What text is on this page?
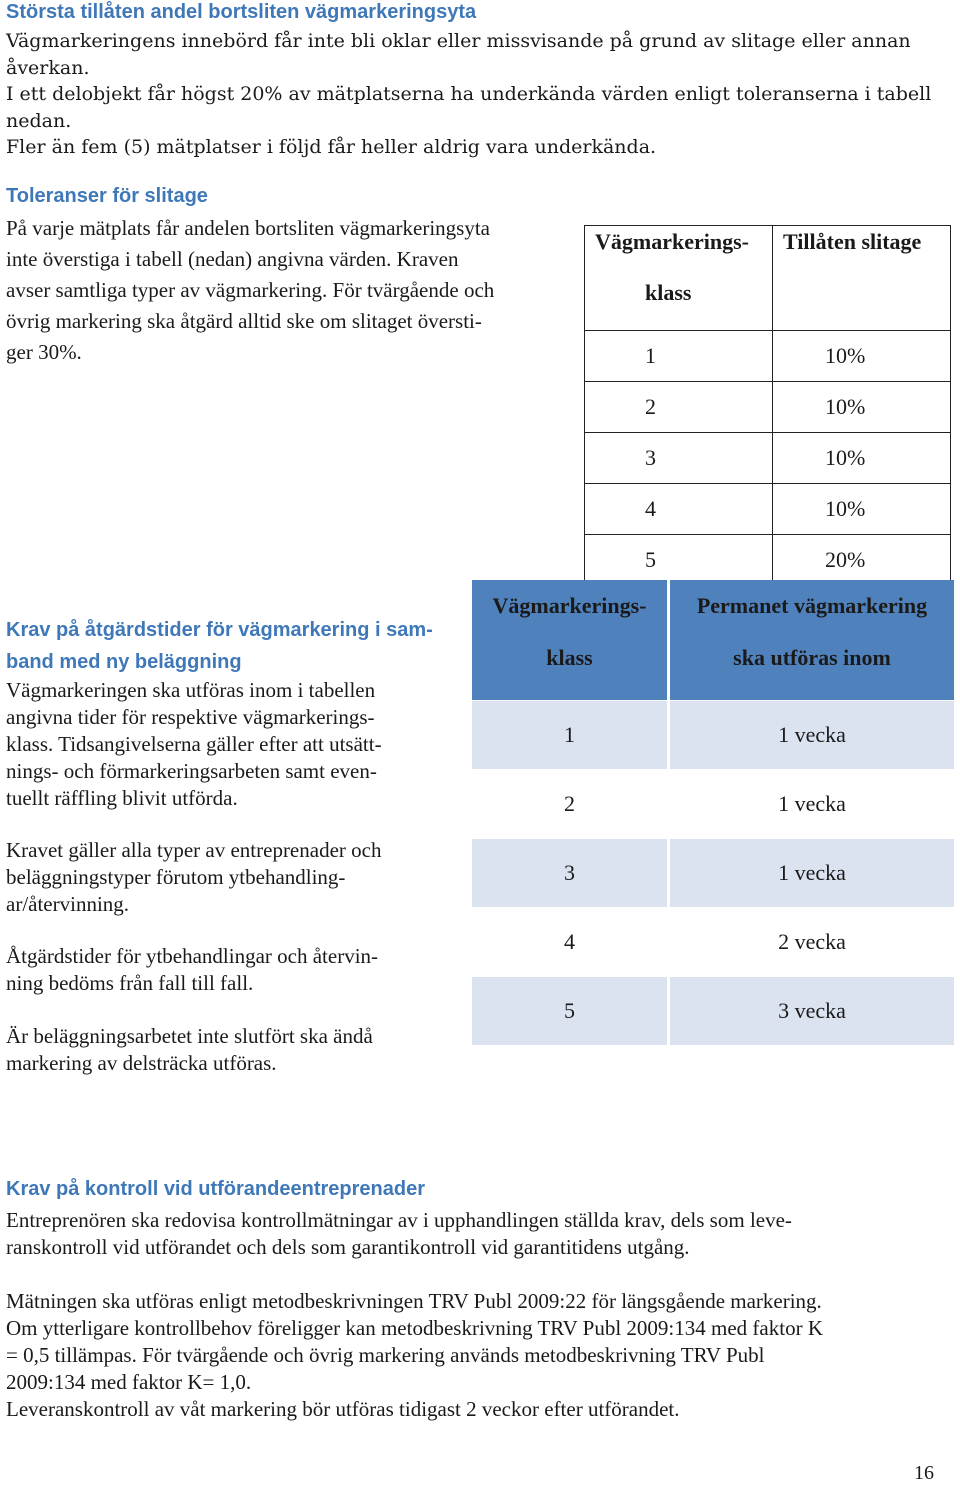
Största tillåten andel bortsliten vägmarkeringsyta
Vägmarkeringens innebörd får inte bli oklar eller missvisande på grund av slitage eller annan
åverkan.
I ett delobjekt får högst 20% av mätplatserna ha underkända värden enligt toleranserna i tabell
nedan.
Fler än fem (5) mätplatser i följd får heller aldrig vara underkända.
Toleranser för slitage
På varje mätplats får andelen bortsliten vägmarkeringsyta
inte överstiga i tabell (nedan) angivna värden. Kraven
avser samtliga typer av vägmarkering. För tvärgående och
övrig markering ska åtgärd alltid ske om slitaget översti-
ger 30%.
Vägmarkerings-
klass	Tillåten slitage

1	10%
2	10%
3	10%
4	10%
5	20%
Krav på åtgärdstider för vägmarkering i sam-
band med ny beläggning
Vägmarkeringen ska utföras inom i tabellen
angivna tider för respektive vägmarkerings-
klass. Tidsangivelserna gäller efter att utsätt-
nings- och förmarkeringsarbeten samt even-
tuellt räffling blivit utförda.
Kravet gäller alla typer av entreprenader och
beläggningstyper förutom ytbehandling-
ar/återvinning.
Åtgärdstider för ytbehandlingar och återvin-
ning bedöms från fall till fall.
Är beläggningsarbetet inte slutfört ska ändå
markering av delsträcka utföras.
Vägmarkerings-
klass	Permanet vägmarkering
ska utföras inom

1	1 vecka
2	1 vecka
3	1 vecka
4	2 vecka
5	3 vecka
Krav på kontroll vid utförandeentreprenader
Entreprenören ska redovisa kontrollmätningar av i upphandlingen ställda krav, dels som leve-
ranskontroll vid utförandet och dels som garantikontroll vid garantitidens utgång.
Mätningen ska utföras enligt metodbeskrivningen TRV Publ 2009:22 för längsgående markering.
Om ytterligare kontrollbehov föreligger kan metodbeskrivning TRV Publ 2009:134 med faktor K
= 0,5 tillämpas. För tvärgående och övrig markering används metodbeskrivning TRV Publ
2009:134 med faktor K= 1,0.
Leveranskontroll av våt markering bör utföras tidigast 2 veckor efter utförandet.
16
